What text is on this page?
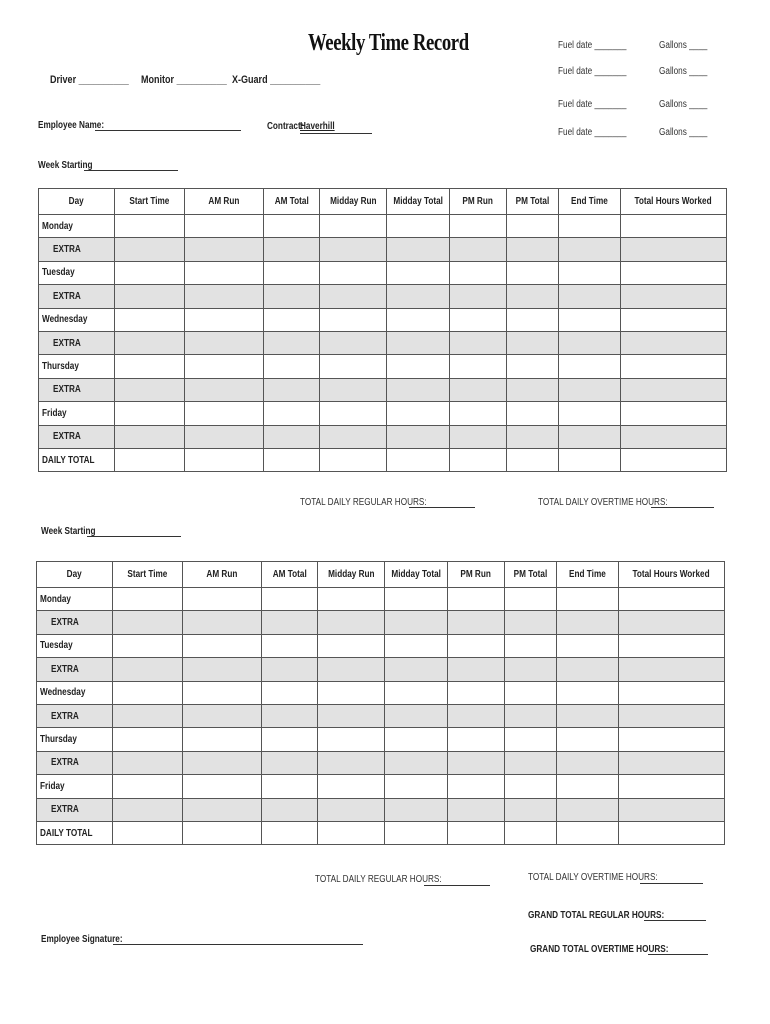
Weekly Time Record	Fuel date _______	Gallons ____
Fuel date _______	Gallons ____
Fuel date _______	Gallons ____
Fuel date _______	Gallons ____
Driver __________ Monitor __________ X-Guard __________
Employee Name:	Contract:
Haverhill
Week Starting
Day	Start Time	AM Run	AM Total	Midday Run	Midday Total	PM Run	PM Total	End Time	Total Hours Worked
Monday									
EXTRA									
Tuesday									
EXTRA									
Wednesday									
EXTRA									
Thursday									
EXTRA									
Friday									
EXTRA									
DAILY TOTAL									
TOTAL DAILY REGULAR HOURS:	TOTAL DAILY OVERTIME HOURS:
Week Starting
Day	Start Time	AM Run	AM Total	Midday Run	Midday Total	PM Run	PM Total	End Time	Total Hours Worked
Monday									
EXTRA									
Tuesday									
EXTRA									
Wednesday									
EXTRA									
Thursday									
EXTRA									
Friday									
EXTRA									
DAILY TOTAL									
TOTAL DAILY REGULAR HOURS:	TOTAL DAILY OVERTIME HOURS:
GRAND TOTAL REGULAR HOURS:
GRAND TOTAL OVERTIME HOURS:
Employee Signature:
